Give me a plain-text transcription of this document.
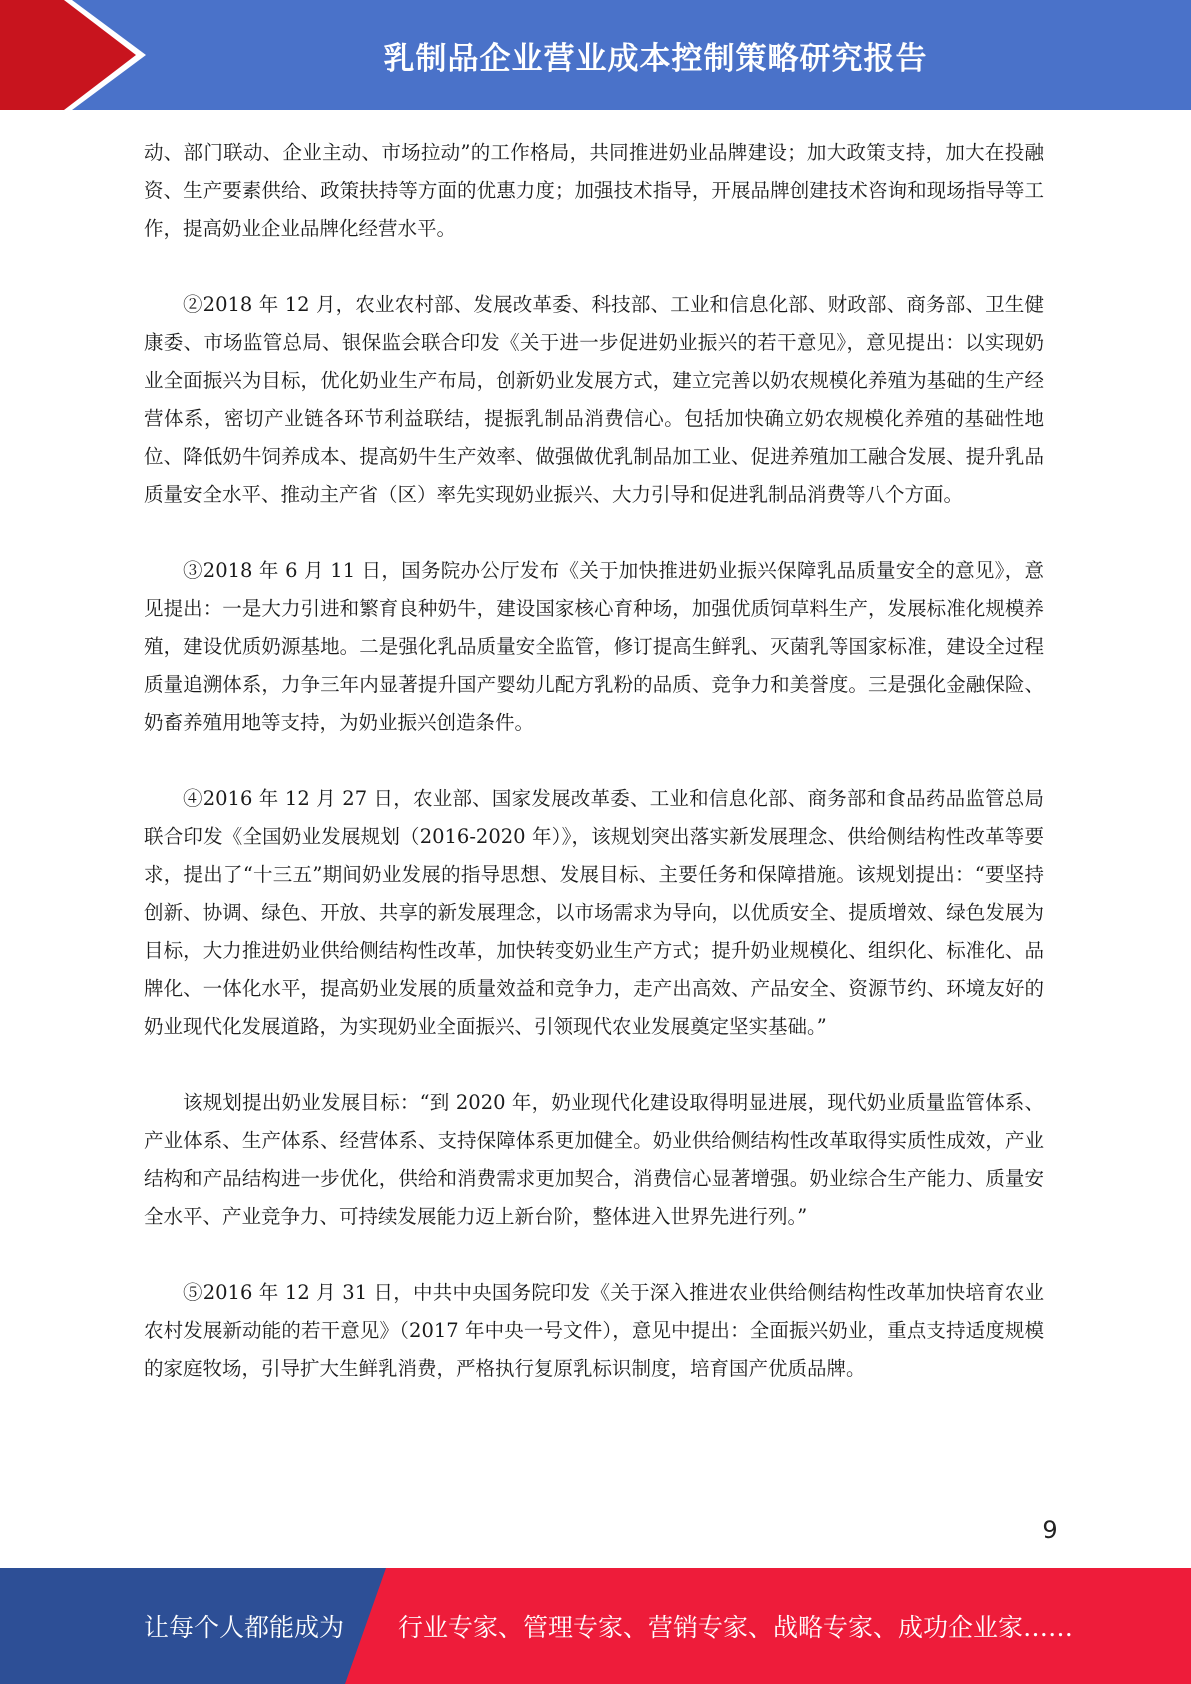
乳制品企业营业成本控制策略研究报告

动、部门联动、企业主动、市场拉动”的工作格局，共同推进奶业品牌建设；加大政策支持，加大在投融资、生产要素供给、政策扶持等方面的优惠力度；加强技术指导，开展品牌创建技术咨询和现场指导等工作，提高奶业企业品牌化经营水平。

②2018 年 12 月，农业农村部、发展改革委、科技部、工业和信息化部、财政部、商务部、卫生健康委、市场监管总局、银保监会联合印发《关于进一步促进奶业振兴的若干意见》，意见提出：以实现奶业全面振兴为目标，优化奶业生产布局，创新奶业发展方式，建立完善以奶农规模化养殖为基础的生产经营体系，密切产业链各环节利益联结，提振乳制品消费信心。包括加快确立奶农规模化养殖的基础性地位、降低奶牛饲养成本、提高奶牛生产效率、做强做优乳制品加工业、促进养殖加工融合发展、提升乳品质量安全水平、推动主产省（区）率先实现奶业振兴、大力引导和促进乳制品消费等八个方面。

③2018 年 6 月 11 日，国务院办公厅发布《关于加快推进奶业振兴保障乳品质量安全的意见》，意见提出：一是大力引进和繁育良种奶牛，建设国家核心育种场，加强优质饲草料生产，发展标准化规模养殖，建设优质奶源基地。二是强化乳品质量安全监管，修订提高生鲜乳、灭菌乳等国家标准，建设全过程质量追溯体系，力争三年内显著提升国产婴幼儿配方乳粉的品质、竞争力和美誉度。三是强化金融保险、奶畜养殖用地等支持，为奶业振兴创造条件。

④2016 年 12 月 27 日，农业部、国家发展改革委、工业和信息化部、商务部和食品药品监管总局联合印发《全国奶业发展规划（2016-2020 年）》，该规划突出落实新发展理念、供给侧结构性改革等要求，提出了“十三五”期间奶业发展的指导思想、发展目标、主要任务和保障措施。该规划提出：“要坚持创新、协调、绿色、开放、共享的新发展理念，以市场需求为导向，以优质安全、提质增效、绿色发展为目标，大力推进奶业供给侧结构性改革，加快转变奶业生产方式；提升奶业规模化、组织化、标准化、品牌化、一体化水平，提高奶业发展的质量效益和竞争力，走产出高效、产品安全、资源节约、环境友好的奶业现代化发展道路，为实现奶业全面振兴、引领现代农业发展奠定坚实基础。”

该规划提出奶业发展目标：“到 2020 年，奶业现代化建设取得明显进展，现代奶业质量监管体系、产业体系、生产体系、经营体系、支持保障体系更加健全。奶业供给侧结构性改革取得实质性成效，产业结构和产品结构进一步优化，供给和消费需求更加契合，消费信心显著增强。奶业综合生产能力、质量安全水平、产业竞争力、可持续发展能力迈上新台阶，整体进入世界先进行列。”

⑤2016 年 12 月 31 日，中共中央国务院印发《关于深入推进农业供给侧结构性改革加快培育农业农村发展新动能的若干意见》（2017 年中央一号文件），意见中提出：全面振兴奶业，重点支持适度规模的家庭牧场，引导扩大生鲜乳消费，严格执行复原乳标识制度，培育国产优质品牌。

9
让每个人都能成为 行业专家、管理专家、营销专家、战略专家、成功企业家……
